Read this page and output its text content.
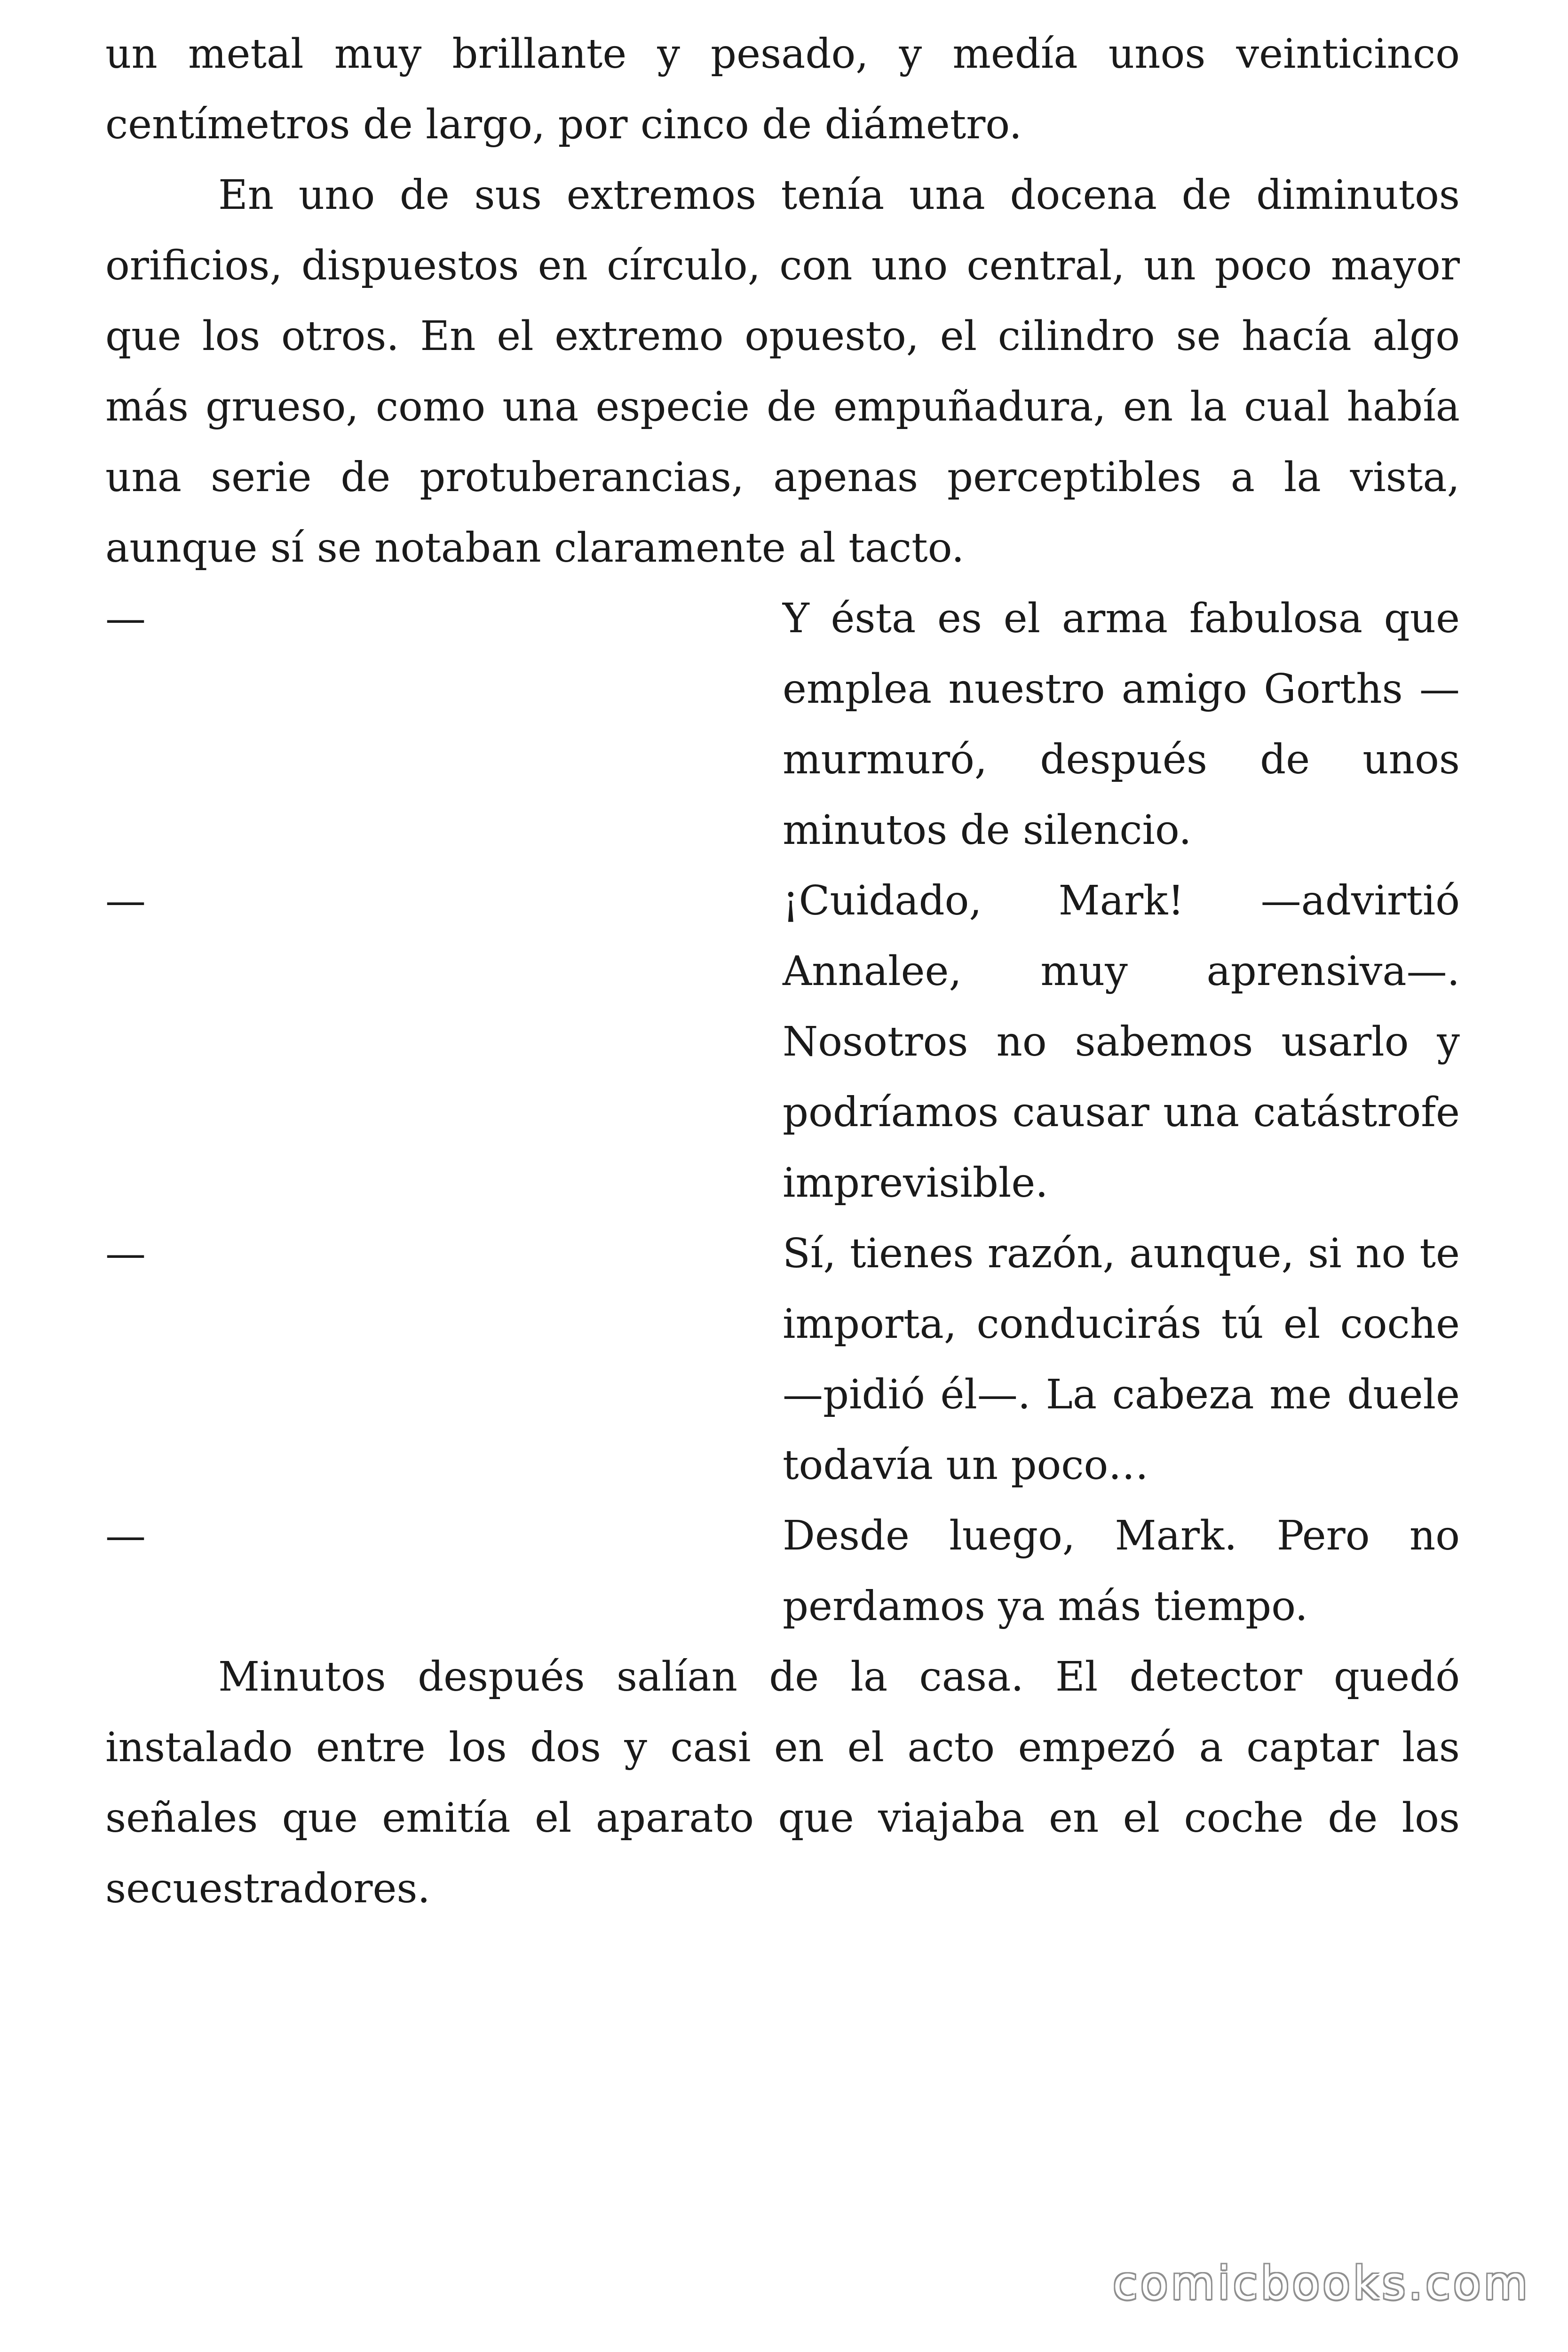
un metal muy brillante y pesado, y medía unos veinticinco centímetros de largo, por cinco de diámetro.

En uno de sus extremos tenía una docena de diminutos orificios, dispuestos en círculo, con uno central, un poco mayor que los otros. En el extremo opuesto, el cilindro se hacía algo más grueso, como una especie de empuñadura, en la cual había una serie de protuberancias, apenas perceptibles a la vista, aunque sí se notaban claramente al tacto.

—	Y ésta es el arma fabulosa que emplea nuestro amigo Gorths —murmuró, después de unos minutos de silencio.
—	¡Cuidado, Mark! —advirtió Annalee, muy aprensiva—. Nosotros no sabemos usarlo y podríamos causar una catástrofe imprevisible.
—	Sí, tienes razón, aunque, si no te importa, conducirás tú el coche —pidió él—. La cabeza me duele todavía un poco…
—	Desde luego, Mark. Pero no perdamos ya más tiempo.

Minutos después salían de la casa. El detector quedó instalado entre los dos y casi en el acto empezó a captar las señales que emitía el aparato que viajaba en el coche de los secuestradores.

comicbooks.com
